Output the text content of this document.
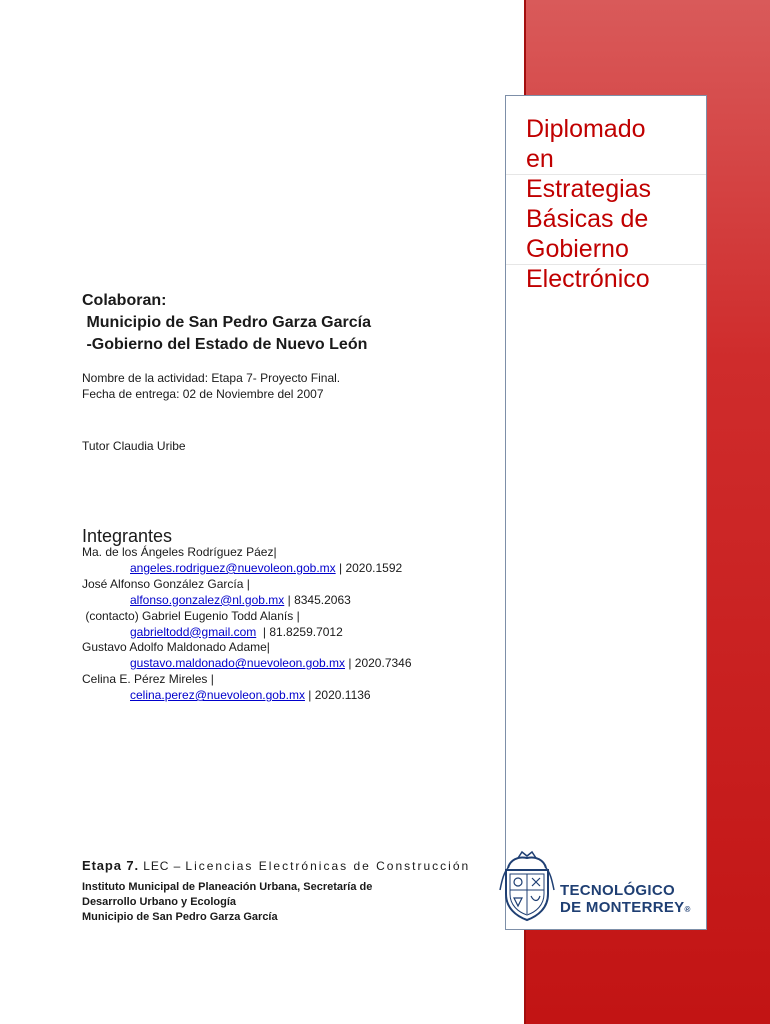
Diplomado
en
Estrategias
Básicas de
Gobierno
Electrónico
Colaboran:
Municipio de San Pedro Garza García
-Gobierno del Estado de Nuevo León
Nombre de la actividad: Etapa 7- Proyecto Final.
Fecha de entrega: 02 de Noviembre del 2007
Tutor Claudia Uribe
Integrantes
Ma. de los Ángeles Rodríguez Páez|
angeles.rodriguez@nuevoleon.gob.mx | 2020.1592
José Alfonso González García |
alfonso.gonzalez@nl.gob.mx | 8345.2063
(contacto) Gabriel Eugenio Todd Alanís |
gabrieltodd@gmail.com  | 81.8259.7012
Gustavo Adolfo Maldonado Adame|
gustavo.maldonado@nuevoleon.gob.mx | 2020.7346
Celina E. Pérez Mireles |
celina.perez@nuevoleon.gob.mx | 2020.1136
Etapa 7. LEC – Licencias Electrónicas de Construcción
Instituto Municipal de Planeación Urbana, Secretaría de
Desarrollo Urbano y Ecología
Municipio de San Pedro Garza García
TECNOLÓGICO
DE MONTERREY®
